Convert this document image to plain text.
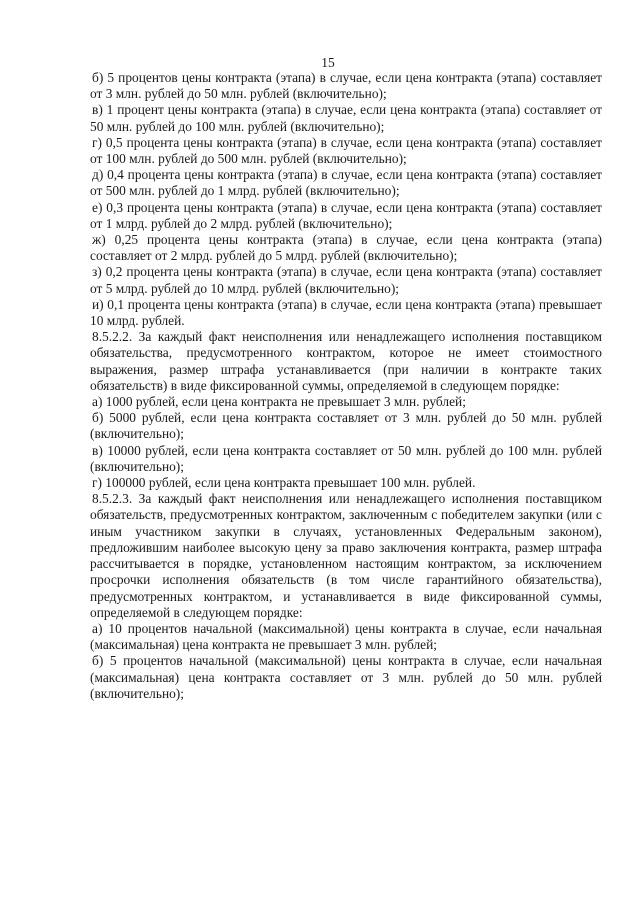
15

б) 5 процентов цены контракта (этапа) в случае, если цена контракта (этапа) составляет от 3 млн. рублей до 50 млн. рублей (включительно);

в) 1 процент цены контракта (этапа) в случае, если цена контракта (этапа) составляет от 50 млн. рублей до 100 млн. рублей (включительно);

г) 0,5 процента цены контракта (этапа) в случае, если цена контракта (этапа) составляет от 100 млн. рублей до 500 млн. рублей (включительно);

д) 0,4 процента цены контракта (этапа) в случае, если цена контракта (этапа) составляет от 500 млн. рублей до 1 млрд. рублей (включительно);

е) 0,3 процента цены контракта (этапа) в случае, если цена контракта (этапа) составляет от 1 млрд. рублей до 2 млрд. рублей (включительно);

ж) 0,25 процента цены контракта (этапа) в случае, если цена контракта (этапа) составляет от 2 млрд. рублей до 5 млрд. рублей (включительно);

з) 0,2 процента цены контракта (этапа) в случае, если цена контракта (этапа) составляет от 5 млрд. рублей до 10 млрд. рублей (включительно);

и) 0,1 процента цены контракта (этапа) в случае, если цена контракта (этапа) превышает 10 млрд. рублей.

8.5.2.2. За каждый факт неисполнения или ненадлежащего исполнения поставщиком обязательства, предусмотренного контрактом, которое не имеет стоимостного выражения, размер штрафа устанавливается (при наличии в контракте таких обязательств) в виде фиксированной суммы, определяемой в следующем порядке:

а) 1000 рублей, если цена контракта не превышает 3 млн. рублей;

б) 5000 рублей, если цена контракта составляет от 3 млн. рублей до 50 млн. рублей (включительно);

в) 10000 рублей, если цена контракта составляет от 50 млн. рублей до 100 млн. рублей (включительно);

г) 100000 рублей, если цена контракта превышает 100 млн. рублей.

8.5.2.3. За каждый факт неисполнения или ненадлежащего исполнения поставщиком обязательств, предусмотренных контрактом, заключенным с победителем закупки (или с иным участником закупки в случаях, установленных Федеральным законом), предложившим наиболее высокую цену за право заключения контракта, размер штрафа рассчитывается в порядке, установленном настоящим контрактом, за исключением просрочки исполнения обязательств (в том числе гарантийного обязательства), предусмотренных контрактом, и устанавливается в виде фиксированной суммы, определяемой в следующем порядке:

а) 10 процентов начальной (максимальной) цены контракта в случае, если начальная (максимальная) цена контракта не превышает 3 млн. рублей;

б) 5 процентов начальной (максимальной) цены контракта в случае, если начальная (максимальная) цена контракта составляет от 3 млн. рублей до 50 млн. рублей (включительно);
